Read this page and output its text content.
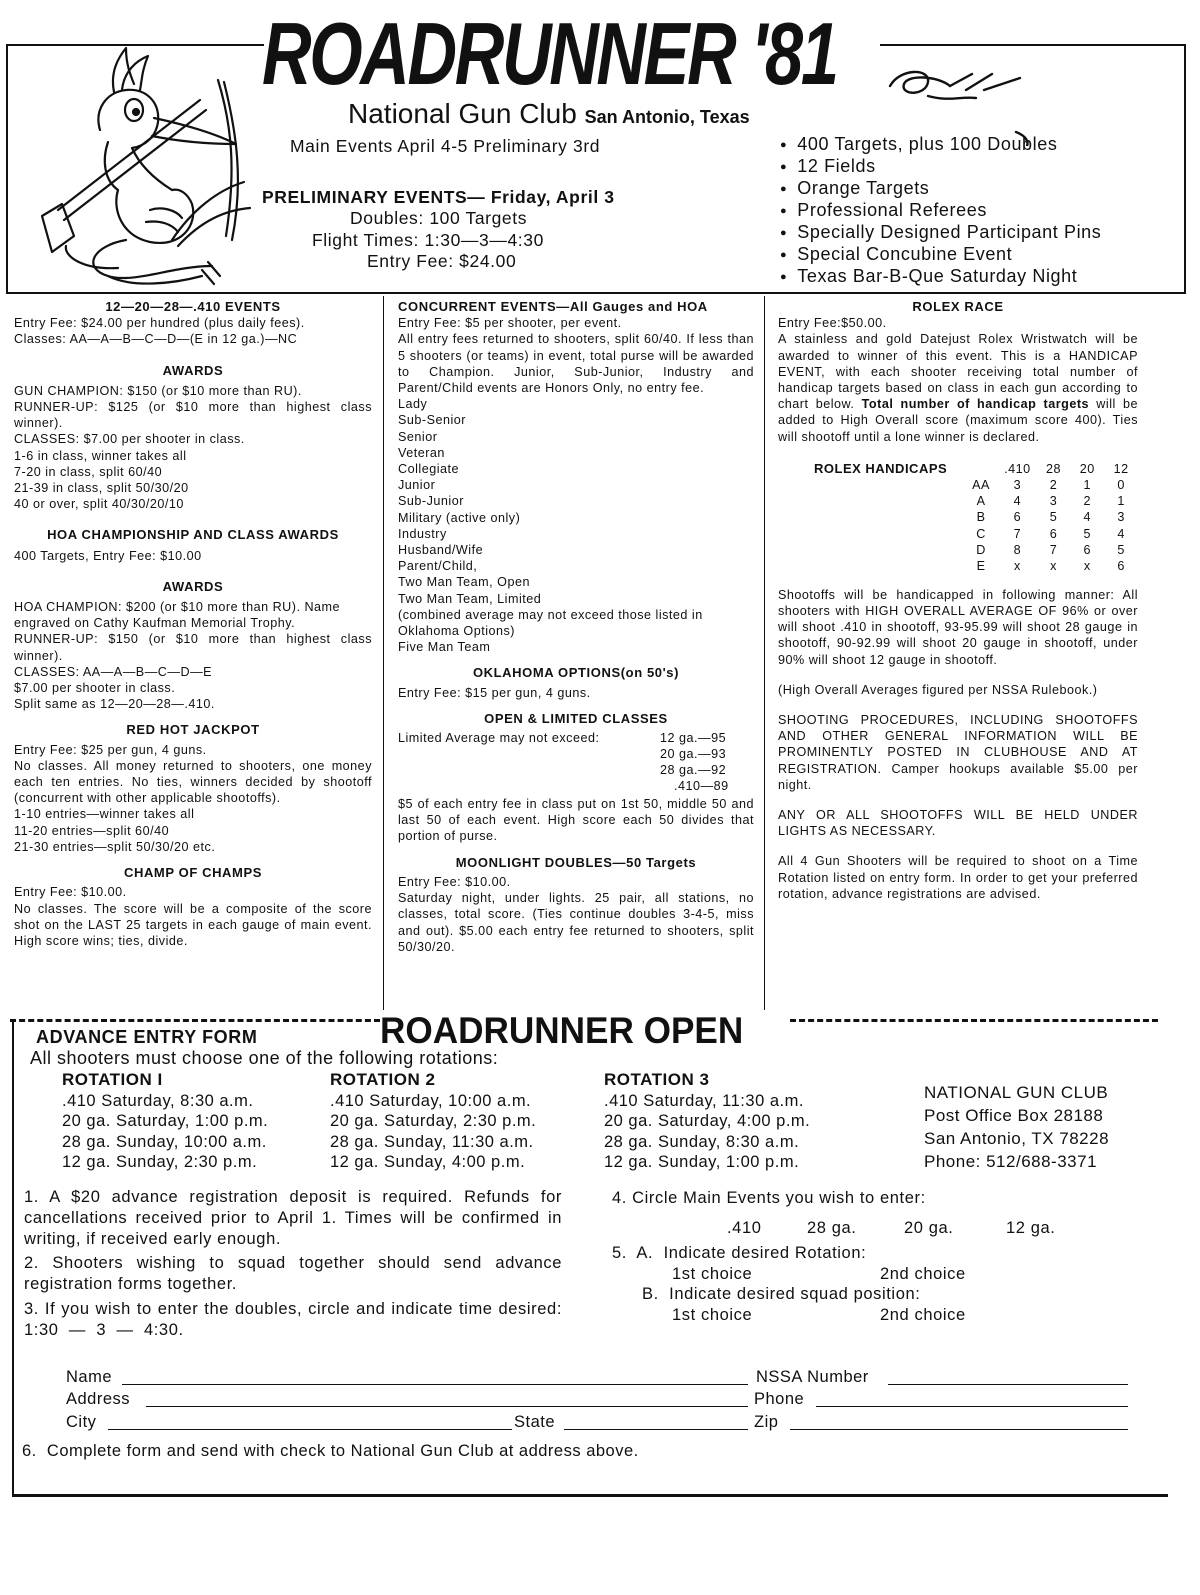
ROADRUNNER '81
National Gun Club San Antonio, Texas
Main Events April 4-5 Preliminary 3rd
PRELIMINARY EVENTS— Friday, April 3
Doubles: 100 Targets
Flight Times: 1:30—3—4:30
Entry Fee: $24.00
● 400 Targets, plus 100 Doubles
● 12 Fields
● Orange Targets
● Professional Referees
● Specially Designed Participant Pins
● Special Concubine Event
● Texas Bar-B-Que Saturday Night
12—20—28—.410 EVENTS

Entry Fee: $24.00 per hundred (plus daily fees).

Classes: AA—A—B—C—D—(E in 12 ga.)—NC

AWARDS

GUN CHAMPION: $150 (or $10 more than RU).

RUNNER-UP: $125 (or $10 more than highest class winner).

CLASSES: $7.00 per shooter in class.

1-6 in class, winner takes all

7-20 in class, split 60/40

21-39 in class, split 50/30/20

40 or over, split 40/30/20/10

HOA CHAMPIONSHIP AND CLASS AWARDS

400 Targets, Entry Fee: $10.00

AWARDS

HOA CHAMPION: $200 (or $10 more than RU). Name engraved on Cathy Kaufman Memorial Trophy.

RUNNER-UP: $150 (or $10 more than highest class winner).

CLASSES: AA—A—B—C—D—E

$7.00 per shooter in class.

Split same as 12—20—28—.410.

RED HOT JACKPOT

Entry Fee: $25 per gun, 4 guns.

No classes. All money returned to shooters, one money each ten entries. No ties, winners decided by shootoff (concurrent with other applicable shootoffs).

1-10 entries—winner takes all

11-20 entries—split 60/40

21-30 entries—split 50/30/20 etc.

CHAMP OF CHAMPS

Entry Fee: $10.00.

No classes. The score will be a composite of the score shot on the LAST 25 targets in each gauge of main event. High score wins; ties, divide.

CONCURRENT EVENTS—All Gauges and HOA

Entry Fee: $5 per shooter, per event.

All entry fees returned to shooters, split 60/40. If less than 5 shooters (or teams) in event, total purse will be awarded to Champion. Junior, Sub-Junior, Industry and Parent/Child events are Honors Only, no entry fee.

Lady

Sub-Senior

Senior

Veteran

Collegiate

Junior

Sub-Junior

Military (active only)

Industry

Husband/Wife

Parent/Child,

Two Man Team, Open

Two Man Team, Limited

(combined average may not exceed those listed in Oklahoma Options)

Five Man Team

OKLAHOMA OPTIONS(on 50's)

Entry Fee: $15 per gun, 4 guns.

OPEN & LIMITED CLASSES
Limited Average may not exceed:	12 ga.—95
20 ga.—93
28 ga.—92
.410—89

$5 of each entry fee in class put on 1st 50, middle 50 and last 50 of each event. High score each 50 divides that portion of purse.

MOONLIGHT DOUBLES—50 Targets

Entry Fee: $10.00.

Saturday night, under lights. 25 pair, all stations, no classes, total score. (Ties continue doubles 3-4-5, miss and out). $5.00 each entry fee returned to shooters, split 50/30/20.

ROLEX RACE

Entry Fee:$50.00.

A stainless and gold Datejust Rolex Wristwatch will be awarded to winner of this event. This is a HANDICAP EVENT, with each shooter receiving total number of handicap targets based on class in each gun according to chart below. Total number of handicap targets will be added to High Overall score (maximum score 400). Ties will shootoff until a lone winner is declared.

ROLEX HANDICAPS
		.410	28	20	12
AA	3	2	1	0
A	4	3	2	1
B	6	5	4	3
C	7	6	5	4
D	8	7	6	5
E	x	x	x	6

Shootoffs will be handicapped in following manner: All shooters with HIGH OVERALL AVERAGE OF 96% or over will shoot .410 in shootoff, 93-95.99 will shoot 28 gauge in shootoff, 90-92.99 will shoot 20 gauge in shootoff, under 90% will shoot 12 gauge in shootoff.

(High Overall Averages figured per NSSA Rulebook.)

SHOOTING PROCEDURES, INCLUDING SHOOTOFFS AND OTHER GENERAL INFORMATION WILL BE PROMINENTLY POSTED IN CLUBHOUSE AND AT REGISTRATION. Camper hookups available $5.00 per night.

ANY OR ALL SHOOTOFFS WILL BE HELD UNDER LIGHTS AS NECESSARY.

All 4 Gun Shooters will be required to shoot on a Time Rotation listed on entry form. In order to get your preferred rotation, advance registrations are advised.

ADVANCE ENTRY FORM	ROADRUNNER OPEN
All shooters must choose one of the following rotations:
ROTATION I
.410 Saturday, 8:30 a.m.
20 ga. Saturday, 1:00 p.m.
28 ga. Sunday, 10:00 a.m.
12 ga. Sunday, 2:30 p.m.
ROTATION 2
.410 Saturday, 10:00 a.m.
20 ga. Saturday, 2:30 p.m.
28 ga. Sunday, 11:30 a.m.
12 ga. Sunday, 4:00 p.m.
ROTATION 3
.410 Saturday, 11:30 a.m.
20 ga. Saturday, 4:00 p.m.
28 ga. Sunday, 8:30 a.m.
12 ga. Sunday, 1:00 p.m.
NATIONAL GUN CLUB
Post Office Box 28188
San Antonio, TX 78228
Phone: 512/688-3371
1. A $20 advance registration deposit is required. Refunds for cancellations received prior to April 1. Times will be confirmed in writing, if received early enough.
2. Shooters wishing to squad together should send advance registration forms together.
3. If you wish to enter the doubles, circle and indicate time desired:     1:30  —  3  —  4:30.
4. Circle Main Events you wish to enter:
.410	28 ga.	20 ga.	12 ga.
5.  A.  Indicate desired Rotation:
1st choice	2nd choice
B.  Indicate desired squad position:
1st choice	2nd choice
Name	NSSA Number
Address	Phone
City	State	Zip
6.  Complete form and send with check to National Gun Club at address above.
